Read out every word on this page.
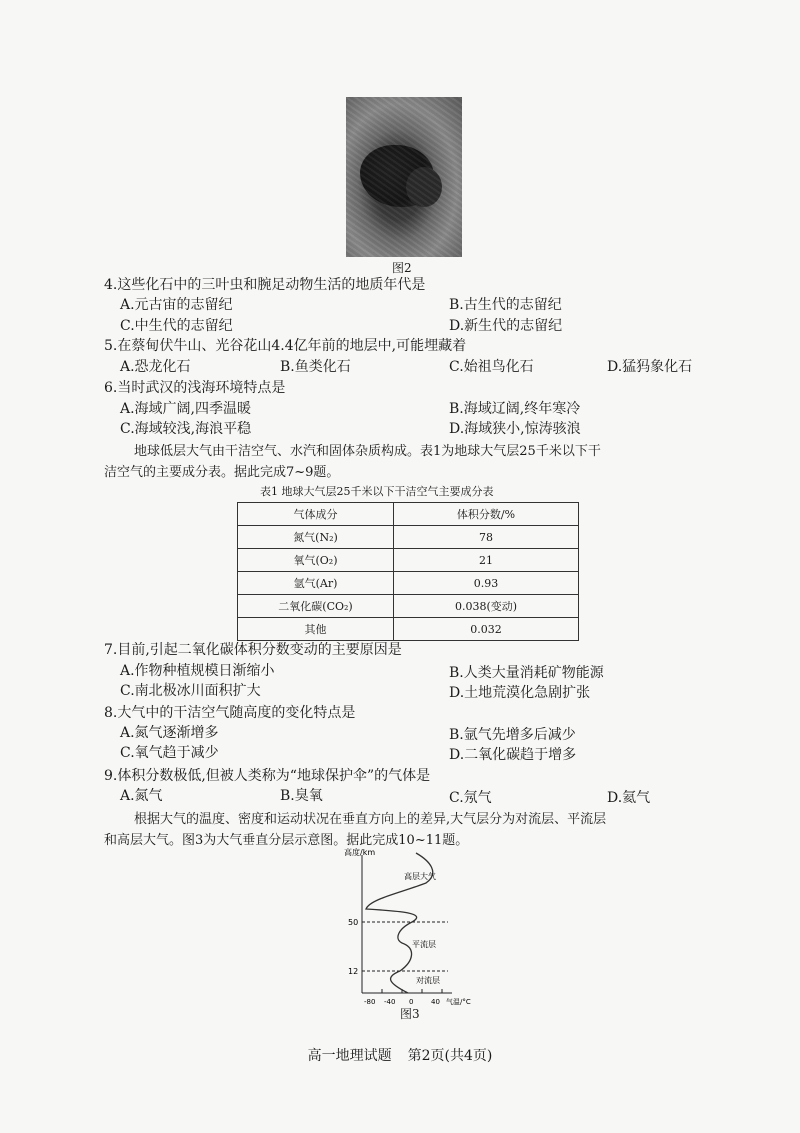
图2
4.这些化石中的三叶虫和腕足动物生活的地质年代是
A.元古宙的志留纪	B.古生代的志留纪
C.中生代的志留纪	D.新生代的志留纪
5.在蔡甸伏牛山、光谷花山4.4亿年前的地层中,可能埋藏着
A.恐龙化石	B.鱼类化石	C.始祖鸟化石	D.猛犸象化石
6.当时武汉的浅海环境特点是
A.海域广阔,四季温暖	B.海域辽阔,终年寒冷
C.海域较浅,海浪平稳	D.海域狭小,惊涛骇浪
地球低层大气由干洁空气、水汽和固体杂质构成。表1为地球大气层25千米以下干
洁空气的主要成分表。据此完成7~9题。
表1 地球大气层25千米以下干洁空气主要成分表
气体成分	体积分数/%
氮气(N₂)	78
氧气(O₂)	21
氩气(Ar)	0.93
二氧化碳(CO₂)	0.038(变动)
其他	0.032
7.目前,引起二氧化碳体积分数变动的主要原因是
A.作物种植规模日渐缩小	B.人类大量消耗矿物能源
C.南北极冰川面积扩大	D.土地荒漠化急剧扩张
8.大气中的干洁空气随高度的变化特点是
A.氮气逐渐增多	B.氩气先增多后减少
C.氧气趋于减少	D.二氧化碳趋于增多
9.体积分数极低,但被人类称为“地球保护伞”的气体是
A.氮气	B.臭氧	C.氖气	D.氦气
根据大气的温度、密度和运动状况在垂直方向上的差异,大气层分为对流层、平流层
和高层大气。图3为大气垂直分层示意图。据此完成10~11题。
高度/km
50
12
-80 -40 0	40 气温/°C
高层大气
平流层
对流层
图3
高一地理试题 第2页(共4页)
